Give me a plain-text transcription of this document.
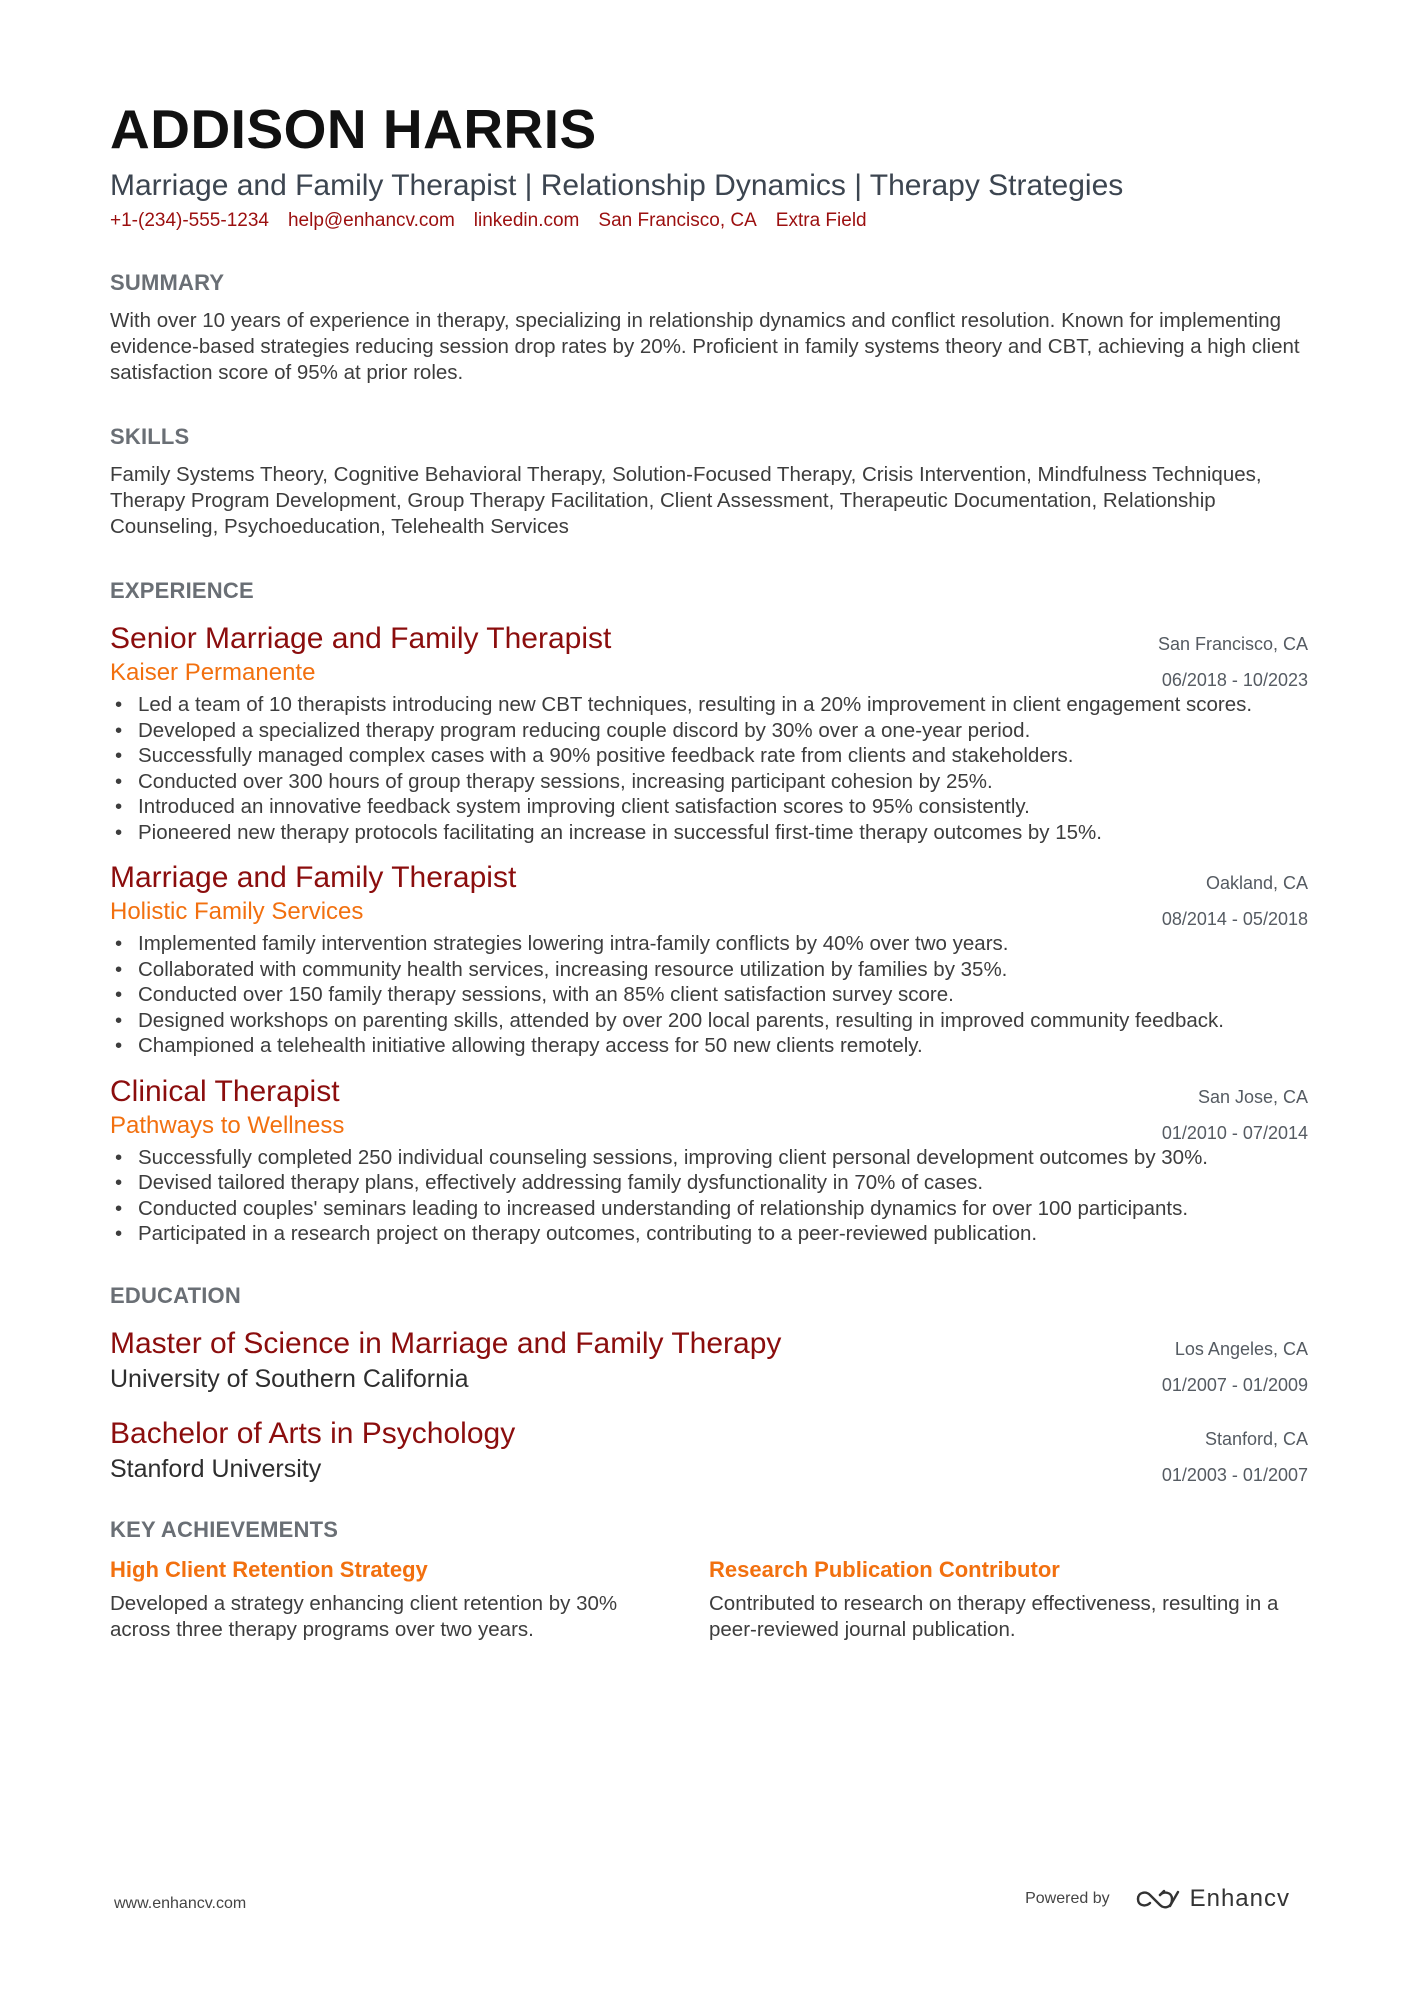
ADDISON HARRIS
Marriage and Family Therapist | Relationship Dynamics | Therapy Strategies
+1-(234)-555-1234 help@enhancv.com linkedin.com San Francisco, CA Extra Field
SUMMARY
With over 10 years of experience in therapy, specializing in relationship dynamics and conflict resolution. Known for implementing evidence-based strategies reducing session drop rates by 20%. Proficient in family systems theory and CBT, achieving a high client satisfaction score of 95% at prior roles.
SKILLS
Family Systems Theory, Cognitive Behavioral Therapy, Solution-Focused Therapy, Crisis Intervention, Mindfulness Techniques, Therapy Program Development, Group Therapy Facilitation, Client Assessment, Therapeutic Documentation, Relationship Counseling, Psychoeducation, Telehealth Services
EXPERIENCE
Senior Marriage and Family Therapist
Kaiser Permanente
San Francisco, CA
06/2018 - 10/2023
• Led a team of 10 therapists introducing new CBT techniques, resulting in a 20% improvement in client engagement scores.
• Developed a specialized therapy program reducing couple discord by 30% over a one-year period.
• Successfully managed complex cases with a 90% positive feedback rate from clients and stakeholders.
• Conducted over 300 hours of group therapy sessions, increasing participant cohesion by 25%.
• Introduced an innovative feedback system improving client satisfaction scores to 95% consistently.
• Pioneered new therapy protocols facilitating an increase in successful first-time therapy outcomes by 15%.
Marriage and Family Therapist
Holistic Family Services
Oakland, CA
08/2014 - 05/2018
• Implemented family intervention strategies lowering intra-family conflicts by 40% over two years.
• Collaborated with community health services, increasing resource utilization by families by 35%.
• Conducted over 150 family therapy sessions, with an 85% client satisfaction survey score.
• Designed workshops on parenting skills, attended by over 200 local parents, resulting in improved community feedback.
• Championed a telehealth initiative allowing therapy access for 50 new clients remotely.
Clinical Therapist
Pathways to Wellness
San Jose, CA
01/2010 - 07/2014
• Successfully completed 250 individual counseling sessions, improving client personal development outcomes by 30%.
• Devised tailored therapy plans, effectively addressing family dysfunctionality in 70% of cases.
• Conducted couples' seminars leading to increased understanding of relationship dynamics for over 100 participants.
• Participated in a research project on therapy outcomes, contributing to a peer-reviewed publication.
EDUCATION
Master of Science in Marriage and Family Therapy
University of Southern California
Los Angeles, CA
01/2007 - 01/2009
Bachelor of Arts in Psychology
Stanford University
Stanford, CA
01/2003 - 01/2007
KEY ACHIEVEMENTS
High Client Retention Strategy
Developed a strategy enhancing client retention by 30% across three therapy programs over two years.
Research Publication Contributor
Contributed to research on therapy effectiveness, resulting in a peer-reviewed journal publication.
www.enhancv.com	Powered by	Enhancv
